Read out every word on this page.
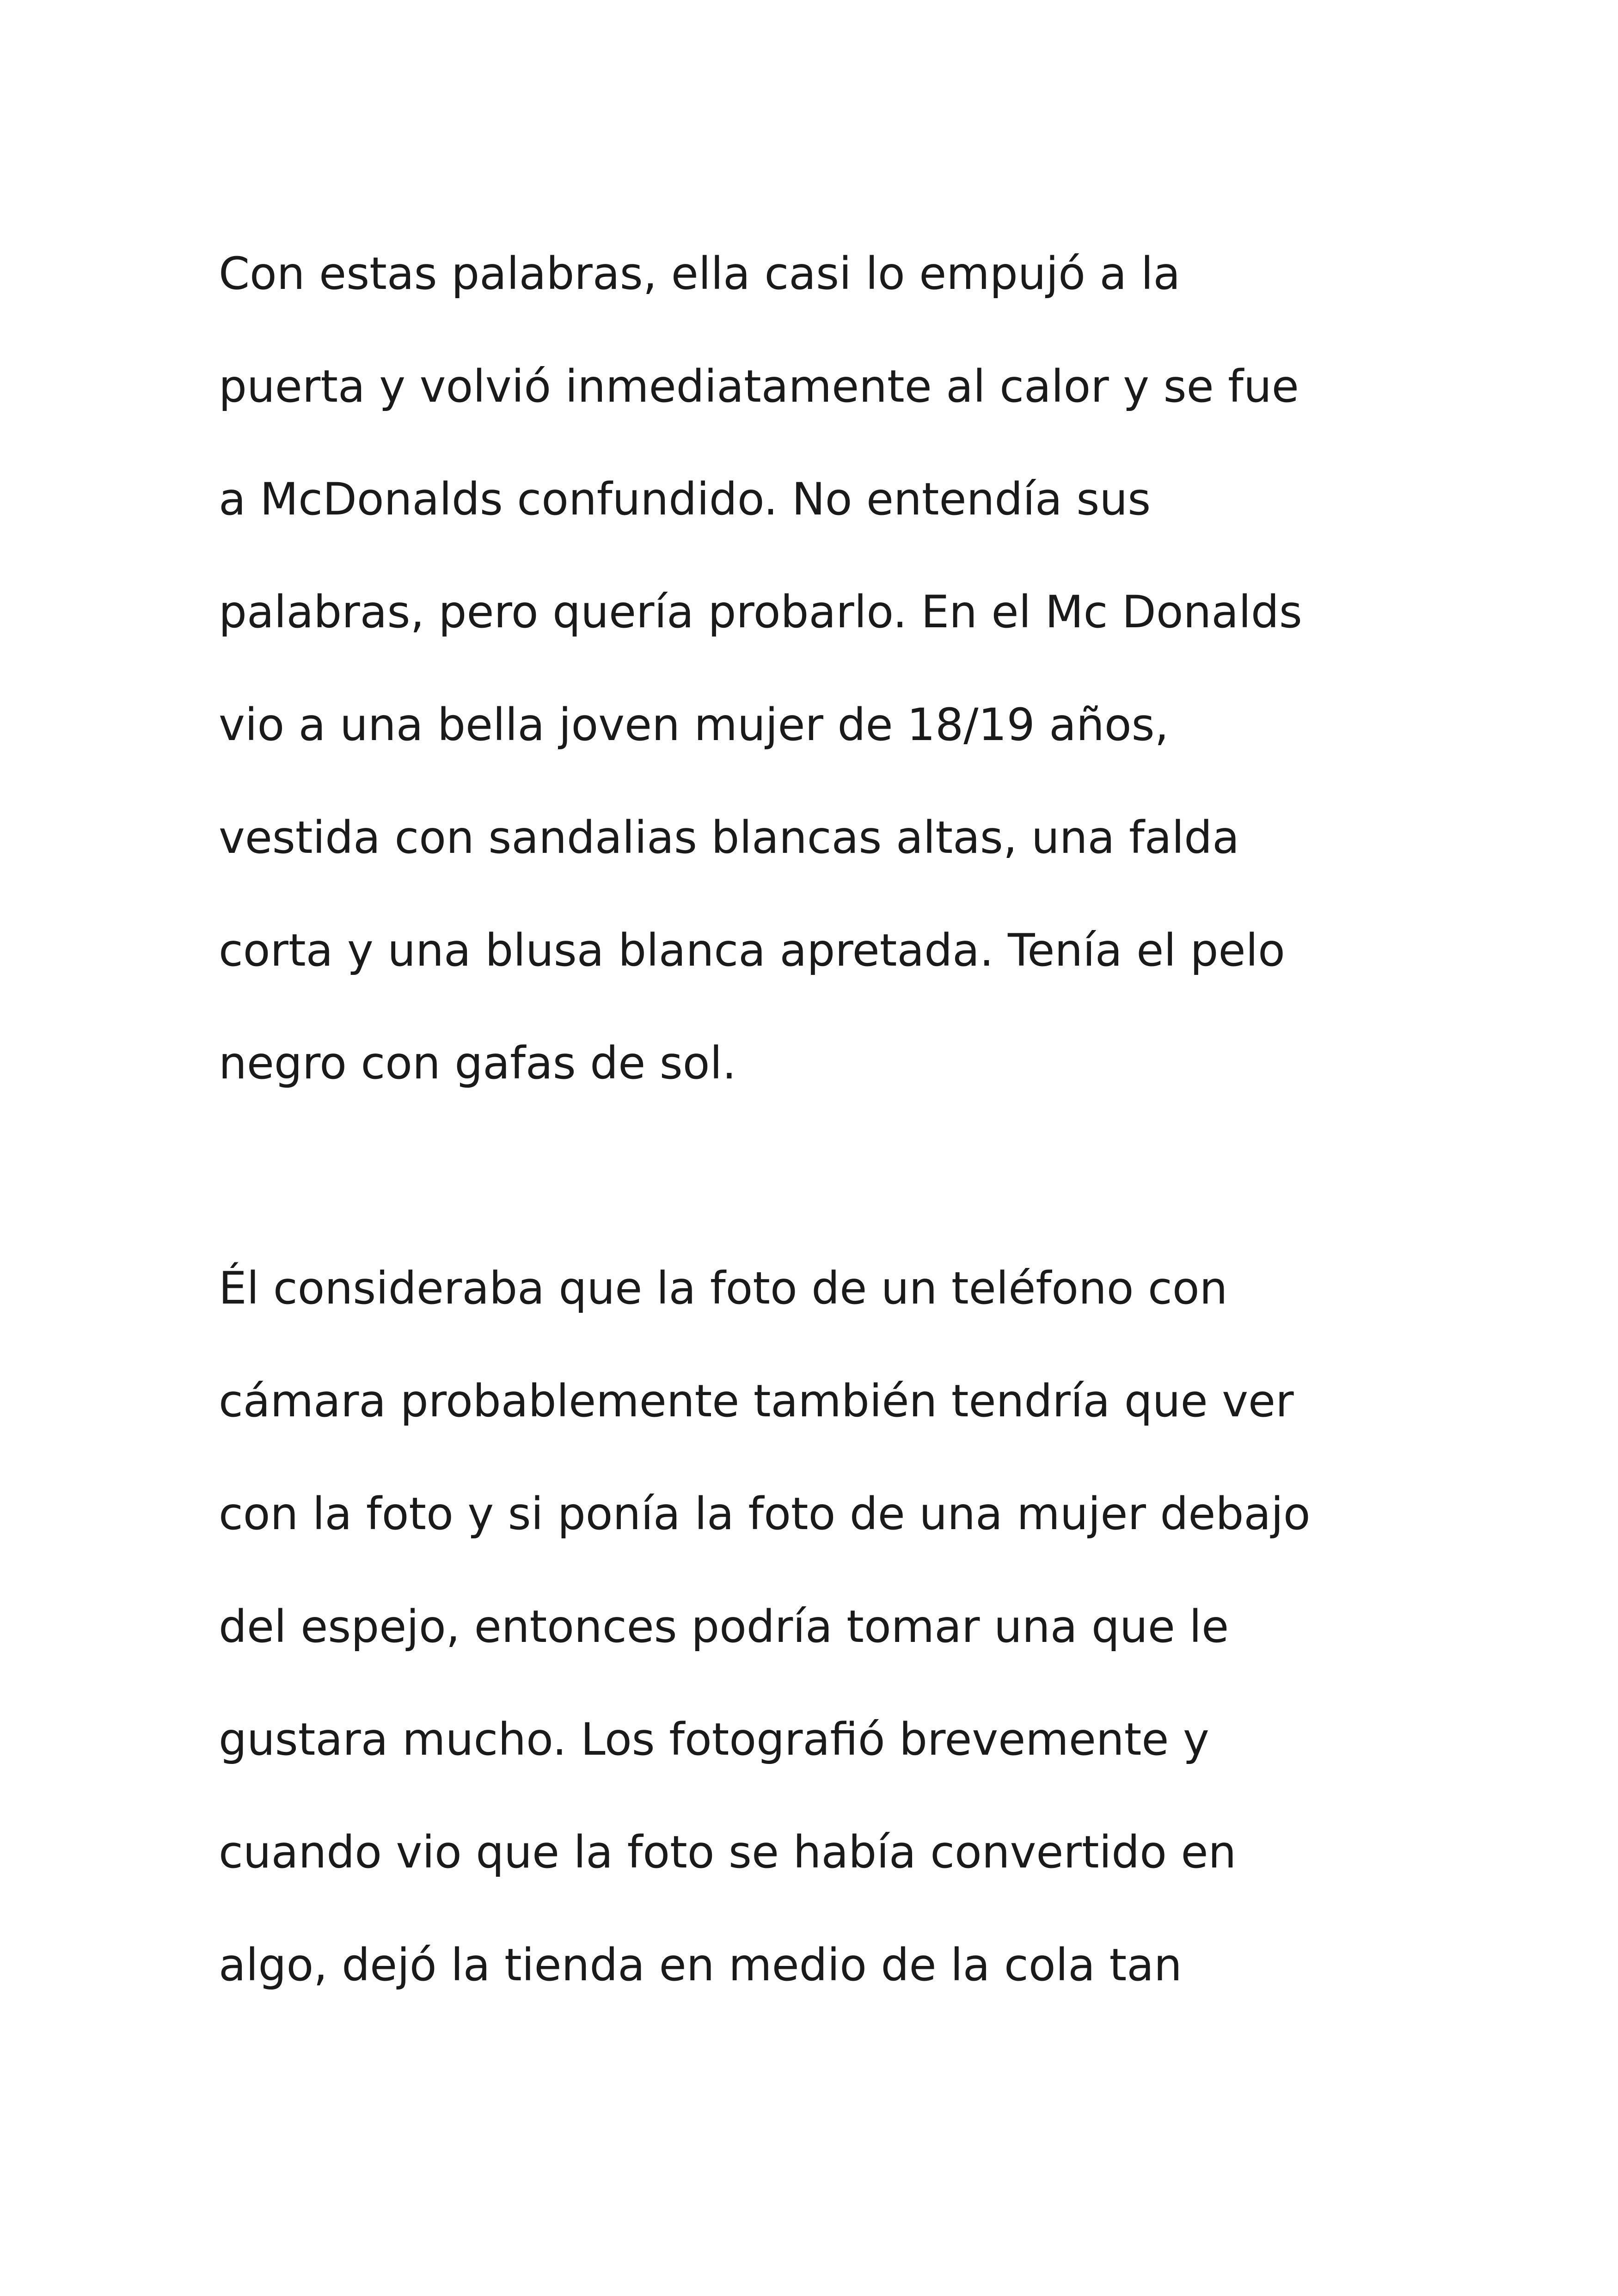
Con estas palabras, ella casi lo empujó a la
puerta y volvió inmediatamente al calor y se fue
a McDonalds confundido. No entendía sus
palabras, pero quería probarlo. En el Mc Donalds
vio a una bella joven mujer de 18/19 años,
vestida con sandalias blancas altas, una falda
corta y una blusa blanca apretada. Tenía el pelo
negro con gafas de sol.
Él consideraba que la foto de un teléfono con
cámara probablemente también tendría que ver
con la foto y si ponía la foto de una mujer debajo
del espejo, entonces podría tomar una que le
gustara mucho. Los fotografió brevemente y
cuando vio que la foto se había convertido en
algo, dejó la tienda en medio de la cola tan
